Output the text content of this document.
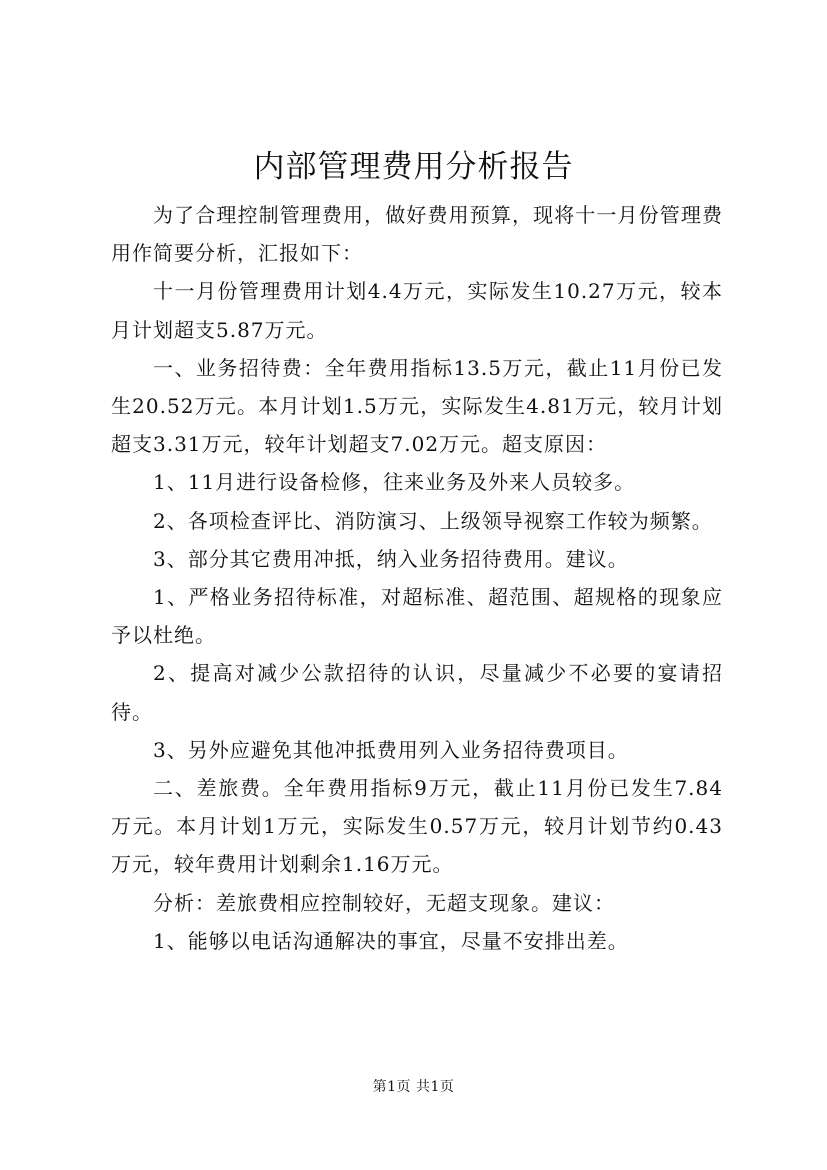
内部管理费用分析报告

为了合理控制管理费用，做好费用预算，现将十一月份管理费用作简要分析，汇报如下：

十一月份管理费用计划4.4万元，实际发生10.27万元，较本月计划超支5.87万元。

一、业务招待费：全年费用指标13.5万元，截止11月份已发生20.52万元。本月计划1.5万元，实际发生4.81万元，较月计划超支3.31万元，较年计划超支7.02万元。超支原因：

1、11月进行设备检修，往来业务及外来人员较多。

2、各项检查评比、消防演习、上级领导视察工作较为频繁。

3、部分其它费用冲抵，纳入业务招待费用。建议。

1、严格业务招待标准，对超标准、超范围、超规格的现象应予以杜绝。

2、提高对减少公款招待的认识，尽量减少不必要的宴请招待。

3、另外应避免其他冲抵费用列入业务招待费项目。

二、差旅费。全年费用指标9万元，截止11月份已发生7.84万元。本月计划1万元，实际发生0.57万元，较月计划节约0.43万元，较年费用计划剩余1.16万元。

分析：差旅费相应控制较好，无超支现象。建议：

1、能够以电话沟通解决的事宜，尽量不安排出差。

第1页 共1页
